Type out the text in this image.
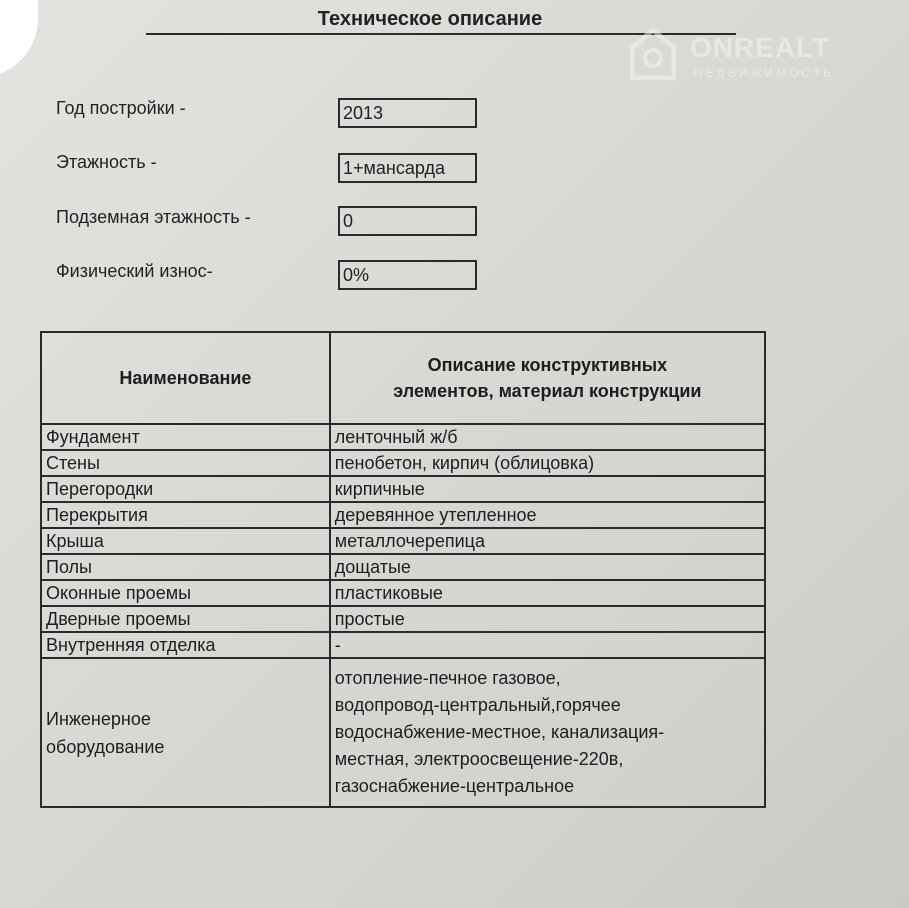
Техническое описание
ONREALT
НЕДВИЖИМОСТЬ
Год постройки -	2013
Этажность -	1+мансарда
Подземная этажность -	0
Физический износ-	0%
Наименование	Описание конструктивных
элементов, материал конструкции

Фундамент	ленточный ж/б
Стены	пенобетон, кирпич (облицовка)
Перегородки	кирпичные
Перекрытия	деревянное утепленное
Крыша	металлочерепица
Полы	дощатые
Оконные проемы	пластиковые
Дверные проемы	простые
Внутренняя отделка	-

Инженерное
оборудование	отопление-печное газовое,
водопровод-центральный,горячее
водоснабжение-местное, канализация-
местная, электроосвещение-220в,
газоснабжение-центральное
